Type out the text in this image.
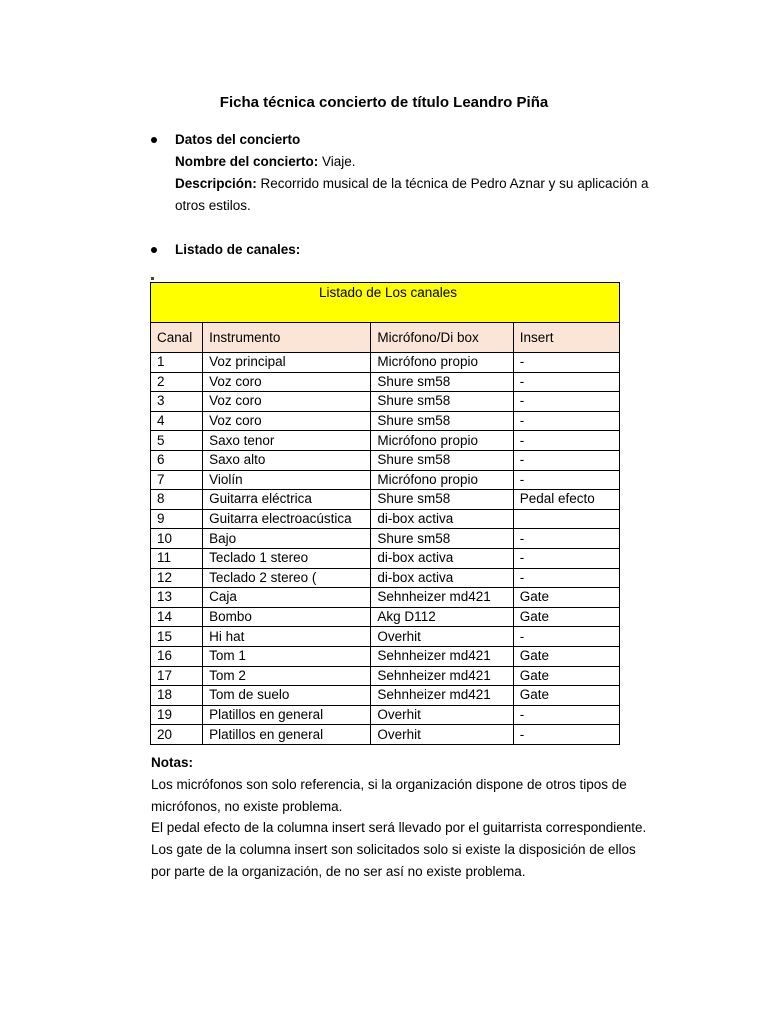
Ficha técnica concierto de título Leandro Piña
Datos del concierto
Nombre del concierto: Viaje.
Descripción: Recorrido musical de la técnica de Pedro Aznar y su aplicación a
otros estilos.
Listado de canales:
Listado de Los canales			
Canal	Instrumento	Micrófono/Di box	Insert
1	Voz principal	Micrófono propio	-
2	Voz coro	Shure sm58	-
3	Voz coro	Shure sm58	-
4	Voz coro	Shure sm58	-
5	Saxo tenor	Micrófono propio	-
6	Saxo alto	Shure sm58	-
7	Violín	Micrófono propio	-
8	Guitarra eléctrica	Shure sm58	Pedal efecto
9	Guitarra electroacústica	di-box activa	
10	Bajo	Shure sm58	-
11	Teclado 1 stereo	di-box activa	-
12	Teclado 2 stereo (	di-box activa	-
13	Caja	Sehnheizer md421	Gate
14	Bombo	Akg D112	Gate
15	Hi hat	Overhit	-
16	Tom 1	Sehnheizer md421	Gate
17	Tom 2	Sehnheizer md421	Gate
18	Tom de suelo	Sehnheizer md421	Gate
19	Platillos en general	Overhit	-
20	Platillos en general	Overhit	-

Notas:

Los micrófonos son solo referencia, si la organización dispone de otros tipos de

micrófonos, no existe problema.

El pedal efecto de la columna insert será llevado por el guitarrista correspondiente.

Los gate de la columna insert son solicitados solo si existe la disposición de ellos

por parte de la organización, de no ser así no existe problema.
